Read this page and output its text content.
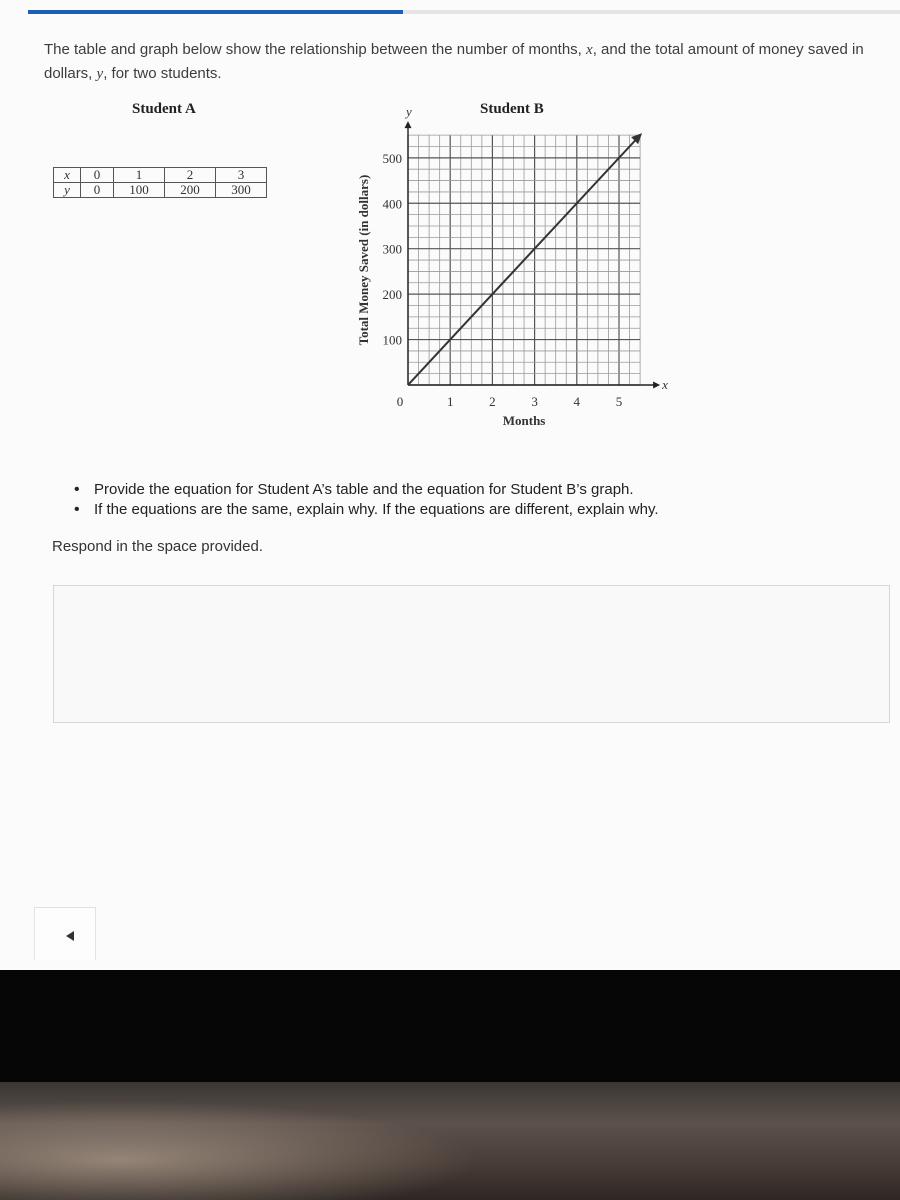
The table and graph below show the relationship between the number of months, x, and the total amount of money saved in dollars, y, for two students.
Student A	Student B
x	0	1	2	3
y	0	100	200	300
y
x
100
200
300
400
500
0	1	2	3	4	5
Months
Total Money Saved (in dollars)
• Provide the equation for Student A’s table and the equation for Student B’s graph.
• If the equations are the same, explain why. If the equations are different, explain why.
Respond in the space provided.
